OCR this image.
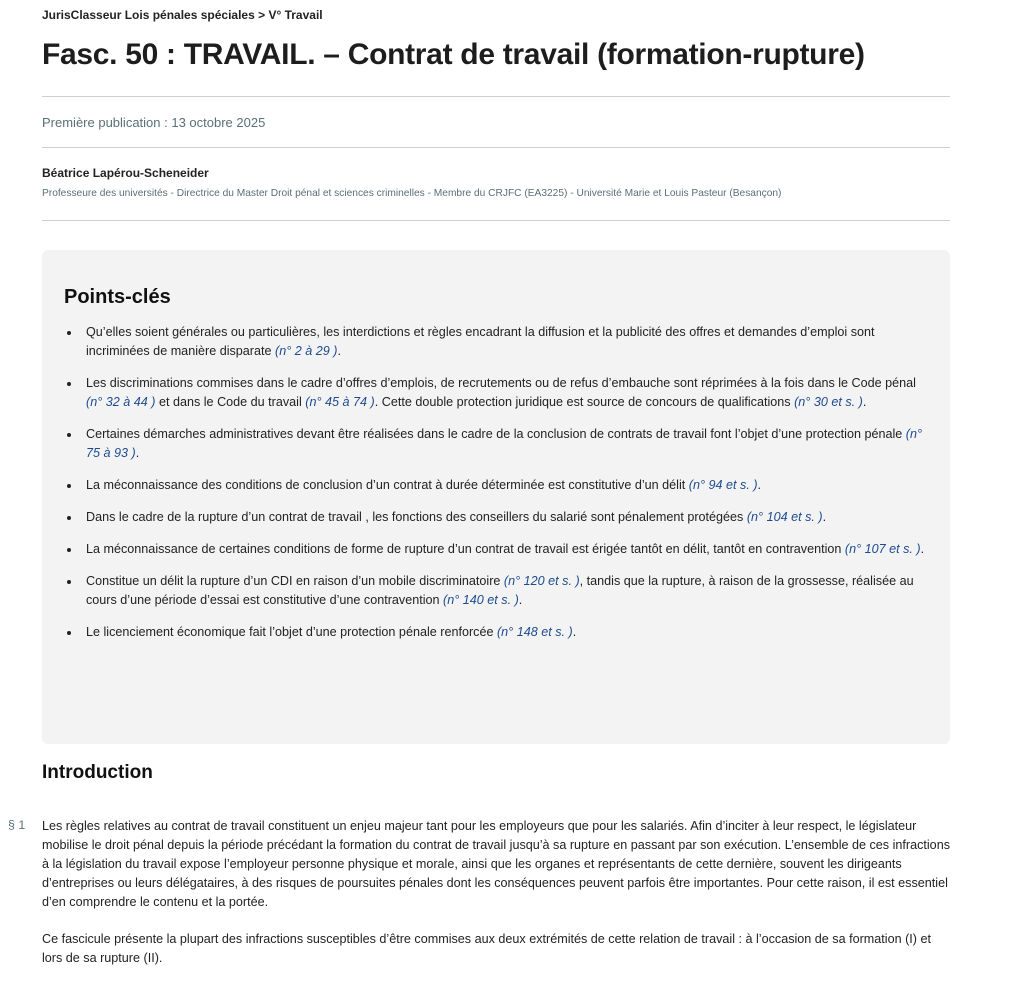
JurisClasseur Lois pénales spéciales > V° Travail
Fasc. 50 : TRAVAIL. – Contrat de travail (formation-rupture)
Première publication : 13 octobre 2025
Béatrice Lapérou-Scheneider
Professeure des universités - Directrice du Master Droit pénal et sciences criminelles - Membre du CRJFC (EA3225) - Université Marie et Louis Pasteur (Besançon)
Points-clés
Qu’elles soient générales ou particulières, les interdictions et règles encadrant la diffusion et la publicité des offres et demandes d’emploi sont incriminées de manière disparate (n° 2 à 29 ).
Les discriminations commises dans le cadre d’offres d’emplois, de recrutements ou de refus d’embauche sont réprimées à la fois dans le Code pénal (n° 32 à 44 ) et dans le Code du travail (n° 45 à 74 ). Cette double protection juridique est source de concours de qualifications (n° 30 et s. ).
Certaines démarches administratives devant être réalisées dans le cadre de la conclusion de contrats de travail font l’objet d’une protection pénale (n° 75 à 93 ).
La méconnaissance des conditions de conclusion d’un contrat à durée déterminée est constitutive d’un délit (n° 94 et s. ).
Dans le cadre de la rupture d’un contrat de travail , les fonctions des conseillers du salarié sont pénalement protégées (n° 104 et s. ).
La méconnaissance de certaines conditions de forme de rupture d’un contrat de travail est érigée tantôt en délit, tantôt en contravention (n° 107 et s. ).
Constitue un délit la rupture d’un CDI en raison d’un mobile discriminatoire (n° 120 et s. ), tandis que la rupture, à raison de la grossesse, réalisée au cours d’une période d’essai est constitutive d’une contravention (n° 140 et s. ).
Le licenciement économique fait l’objet d’une protection pénale renforcée (n° 148 et s. ).
Introduction
§ 1 Les règles relatives au contrat de travail constituent un enjeu majeur tant pour les employeurs que pour les salariés. Afin d’inciter à leur respect, le législateur mobilise le droit pénal depuis la période précédant la formation du contrat de travail jusqu’à sa rupture en passant par son exécution. L’ensemble de ces infractions à la législation du travail expose l’employeur personne physique et morale, ainsi que les organes et représentants de cette dernière, souvent les dirigeants d’entreprises ou leurs délégataires, à des risques de poursuites pénales dont les conséquences peuvent parfois être importantes. Pour cette raison, il est essentiel d’en comprendre le contenu et la portée.

Ce fascicule présente la plupart des infractions susceptibles d’être commises aux deux extrémités de cette relation de travail : à l’occasion de sa formation (I) et lors de sa rupture (II).
